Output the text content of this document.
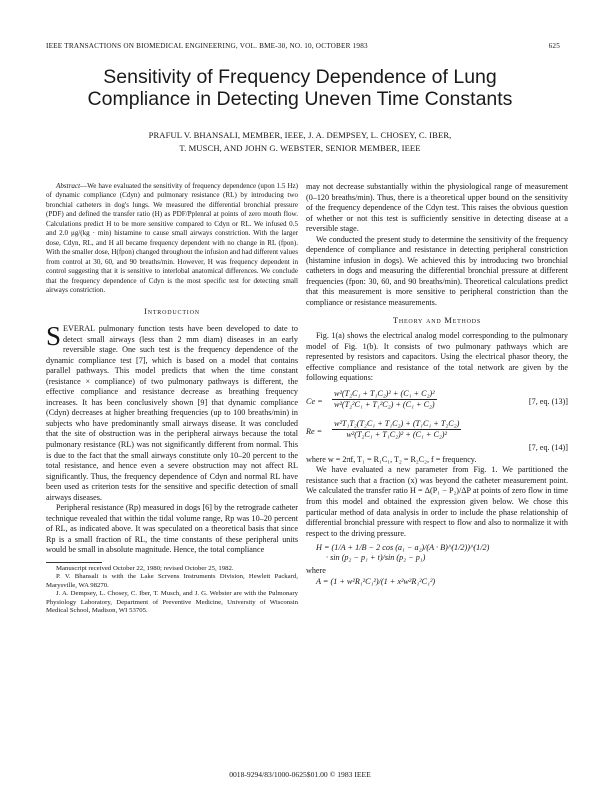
IEEE TRANSACTIONS ON BIOMEDICAL ENGINEERING, VOL. BME-30, NO. 10, OCTOBER 1983	625
Sensitivity of Frequency Dependence of Lung
Compliance in Detecting Uneven Time Constants
PRAFUL V. BHANSALI, MEMBER, IEEE, J. A. DEMPSEY, L. CHOSEY, C. IBER,
T. MUSCH, AND JOHN G. WEBSTER, SENIOR MEMBER, IEEE

Abstract—We have evaluated the sensitivity of frequency dependence (upon 1.5 Hz) of dynamic compliance (Cdyn) and pulmonary resistance (RL) by introducing two bronchial catheters in dog's lungs. We measured the differential bronchial pressure (PDF) and defined the transfer ratio (H) as PDF/Pplenral at points of zero mouth flow. Calculations predict H to be more sensitive compared to Cdyn or RL. We infused 0.5 and 2.0 μg/(kg · min) histamine to cause small airways constriction. With the larger dose, Cdyn, RL, and H all became frequency dependent with no change in RL (fpon). With the smaller dose, H(fpon) changed throughout the infusion and had different values from control at 30, 60, and 90 breaths/min. However, H was frequency dependent in control suggesting that it is sensitive to interlobal anatomical differences. We conclude that the frequency dependence of Cdyn is the most specific test for detecting small airways constriction.

Introduction

SEVERAL pulmonary function tests have been developed to date to detect small airways (less than 2 mm diam) diseases in an early reversible stage. One such test is the frequency dependence of the dynamic compliance test [7], which is based on a model that contains parallel pathways. This model predicts that when the time constant (resistance × compliance) of two pulmonary pathways is different, the effective compliance and resistance decrease as breathing frequency increases. It has been conclusively shown [9] that dynamic compliance (Cdyn) decreases at higher breathing frequencies (up to 100 breaths/min) in subjects who have predominantly small airways disease. It was concluded that the site of obstruction was in the peripheral airways because the total pulmonary resistance (RL) was not significantly different from normal. This is due to the fact that the small airways constitute only 10–20 percent to the total resistance, and hence even a severe obstruction may not affect RL significantly. Thus, the frequency dependence of Cdyn and normal RL have been used as criterion tests for the sensitive and specific detection of small airways diseases.

Peripheral resistance (Rp) measured in dogs [6] by the retrograde catheter technique revealed that within the tidal volume range, Rp was 10–20 percent of RL, as indicated above. It was speculated on a theoretical basis that since Rp is a small fraction of RL, the time constants of these peripheral units would be small in absolute magnitude. Hence, the total compliance

Manuscript received October 22, 1980; revised October 25, 1982.

P. V. Bhansali is with the Lake Scrvens Instruments Division, Hewlett Packard, Marysville, WA 98270.

J. A. Dempsey, L. Chosey, C. Iber, T. Musch, and J. G. Webster are with the Pulmonary Physiology Laboratory, Department of Preventive Medicine, University of Wisconsin Medical School, Madison, WI 53705.

may not decrease substantially within the physiological range of measurement (0–120 breaths/min). Thus, there is a theoretical upper bound on the sensitivity of the frequency dependence of the Cdyn test. This raises the obvious question of whether or not this test is sufficiently sensitive in detecting disease at a reversible stage.

We conducted the present study to determine the sensitivity of the frequency dependence of compliance and resistance in detecting peripheral constriction (histamine infusion in dogs). We achieved this by introducing two bronchial catheters in dogs and measuring the differential bronchial pressure at different frequencies (fpon: 30, 60, and 90 breaths/min). Theoretical calculations predict that this measurement is more sensitive to peripheral constriction than the compliance or resistance measurements.

Theory and Methods

Fig. 1(a) shows the electrical analog model corresponding to the pulmonary model of Fig. 1(b). It consists of two pulmonary pathways which are represented by resistors and capacitors. Using the electrical phasor theory, the effective compliance and resistance of the total network are given by the following equations:

$Ce = \frac{\text{w²(T₂C₁ + T₁C₂)² + (C₁ + C₂)²}}{\text{w²(T₂²C₁ + T₁²C₂) + (C₁ + C₂)}}$	[7, eq. (13)]
$Re = \frac{\text{w²T₁T₂(T₂C₁ + T₁C₂) + (T₁C₁ + T₂C₂)}}{\text{w²(T₂C₁ + T₁C₂)² + (C₁ + C₂)²}}$
[7, eq. (14)]

where w = 2πf, T₁ = R₁C₁, T₂ = R₂C₂, f = frequency.

We have evaluated a new parameter from Fig. 1. We partitioned the resistance such that a fraction (x) was beyond the catheter measurement point. We calculated the transfer ratio H = Δ(P₁ − P₂)/ΔP at points of zero flow in time from this model and obtained the expression given below. We chose this particular method of data analysis in order to include the phase relationship of differential bronchial pressure with respect to flow and also to normalize it with respect to the driving pressure.

H = (1/A + 1/B − 2 cos (a₁ − a₂)/(A · B)^(1/2))^(1/2)
· sin (p₂ − p₁ + t)/sin (p₂ − p₁)

where

A = (1 + w²R₁²C₁²)/(1 + x²w²R₁²C₁²)
0018-9294/83/1000-0625$01.00 © 1983 IEEE
